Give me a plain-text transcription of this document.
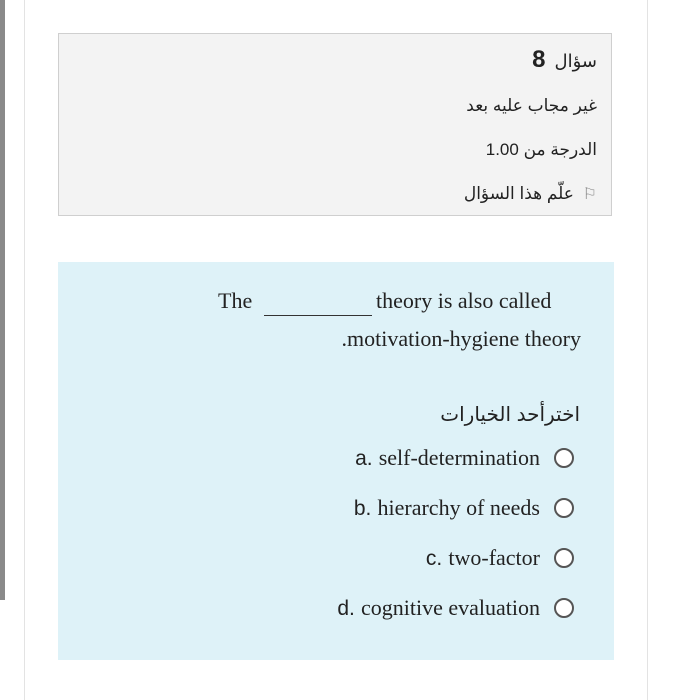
سؤال 8
غير مجاب عليه بعد
الدرجة من 1.00
⚐ علّم هذا السؤال
The	theory is also called
.motivation-hygiene theory
اخترأحد الخيارات
a. self-determination
b. hierarchy of needs
c. two-factor
d. cognitive evaluation
